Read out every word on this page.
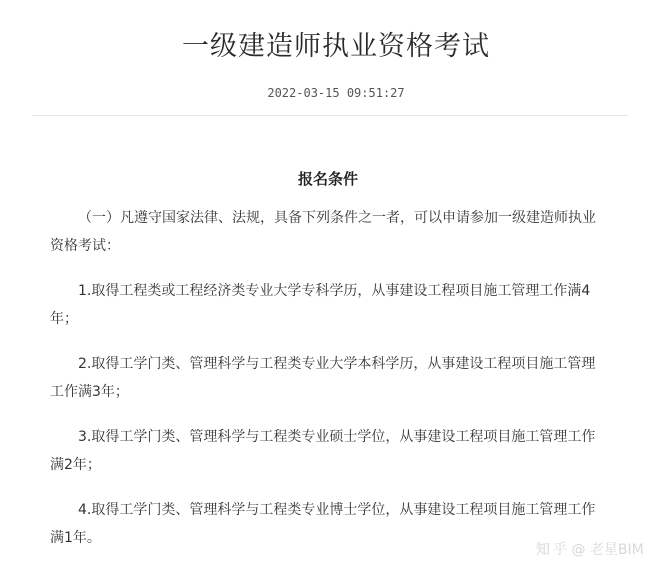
一级建造师执业资格考试
2022-03-15 09:51:27
报名条件

（一）凡遵守国家法律、法规，具备下列条件之一者，可以申请参加一级建造师执业资格考试：

1.取得工程类或工程经济类专业大学专科学历，从事建设工程项目施工管理工作满4年；

2.取得工学门类、管理科学与工程类专业大学本科学历，从事建设工程项目施工管理工作满3年；

3.取得工学门类、管理科学与工程类专业硕士学位，从事建设工程项目施工管理工作满2年；

4.取得工学门类、管理科学与工程类专业博士学位，从事建设工程项目施工管理工作满1年。

知 乎 @ 老星BIM
